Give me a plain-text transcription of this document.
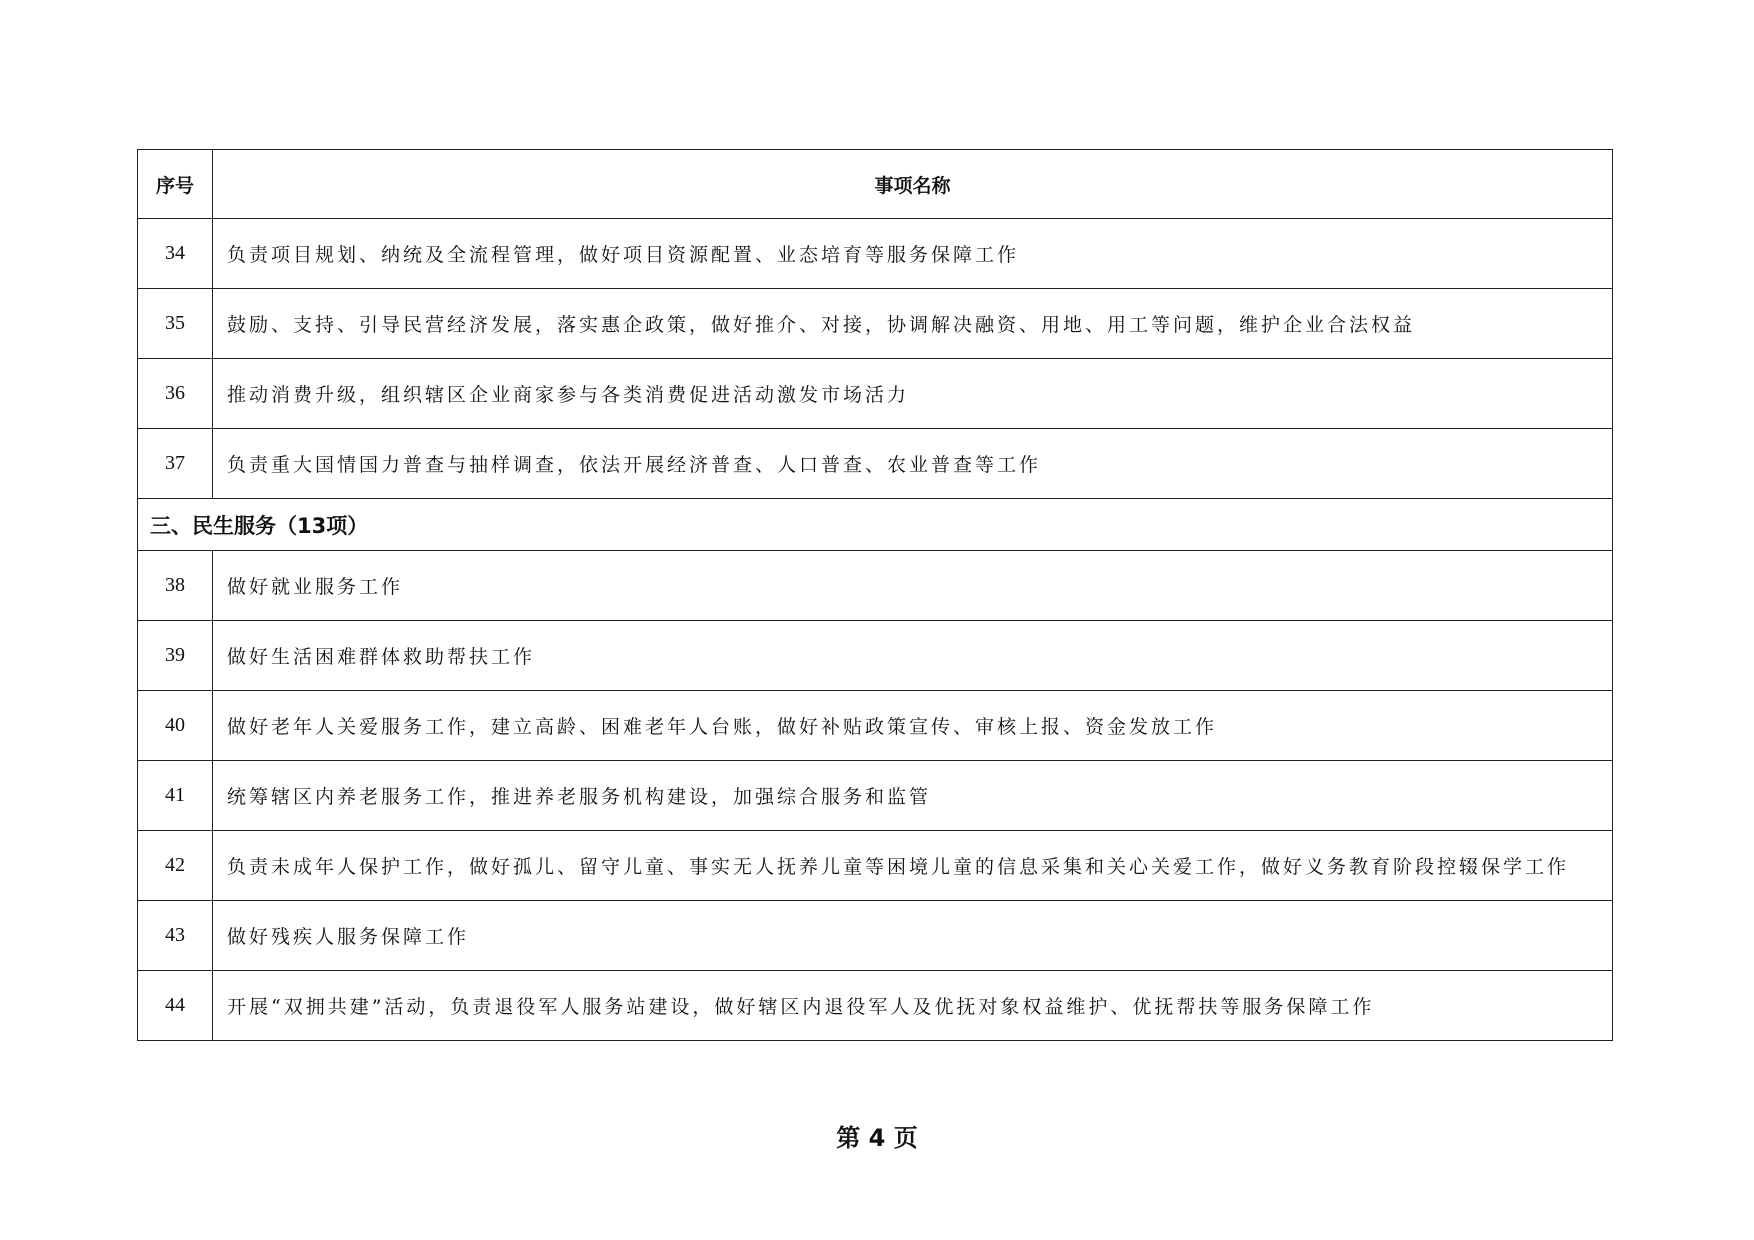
序号	事项名称
34	负责项目规划、纳统及全流程管理，做好项目资源配置、业态培育等服务保障工作
35	鼓励、支持、引导民营经济发展，落实惠企政策，做好推介、对接，协调解决融资、用地、用工等问题，维护企业合法权益
36	推动消费升级，组织辖区企业商家参与各类消费促进活动激发市场活力
37	负责重大国情国力普查与抽样调查，依法开展经济普查、人口普查、农业普查等工作
三、民生服务（13项）	
38	做好就业服务工作
39	做好生活困难群体救助帮扶工作
40	做好老年人关爱服务工作，建立高龄、困难老年人台账，做好补贴政策宣传、审核上报、资金发放工作
41	统筹辖区内养老服务工作，推进养老服务机构建设，加强综合服务和监管
42	负责未成年人保护工作，做好孤儿、留守儿童、事实无人抚养儿童等困境儿童的信息采集和关心关爱工作，做好义务教育阶段控辍保学工作
43	做好残疾人服务保障工作
44	开展“双拥共建”活动，负责退役军人服务站建设，做好辖区内退役军人及优抚对象权益维护、优抚帮扶等服务保障工作
第 4 页
